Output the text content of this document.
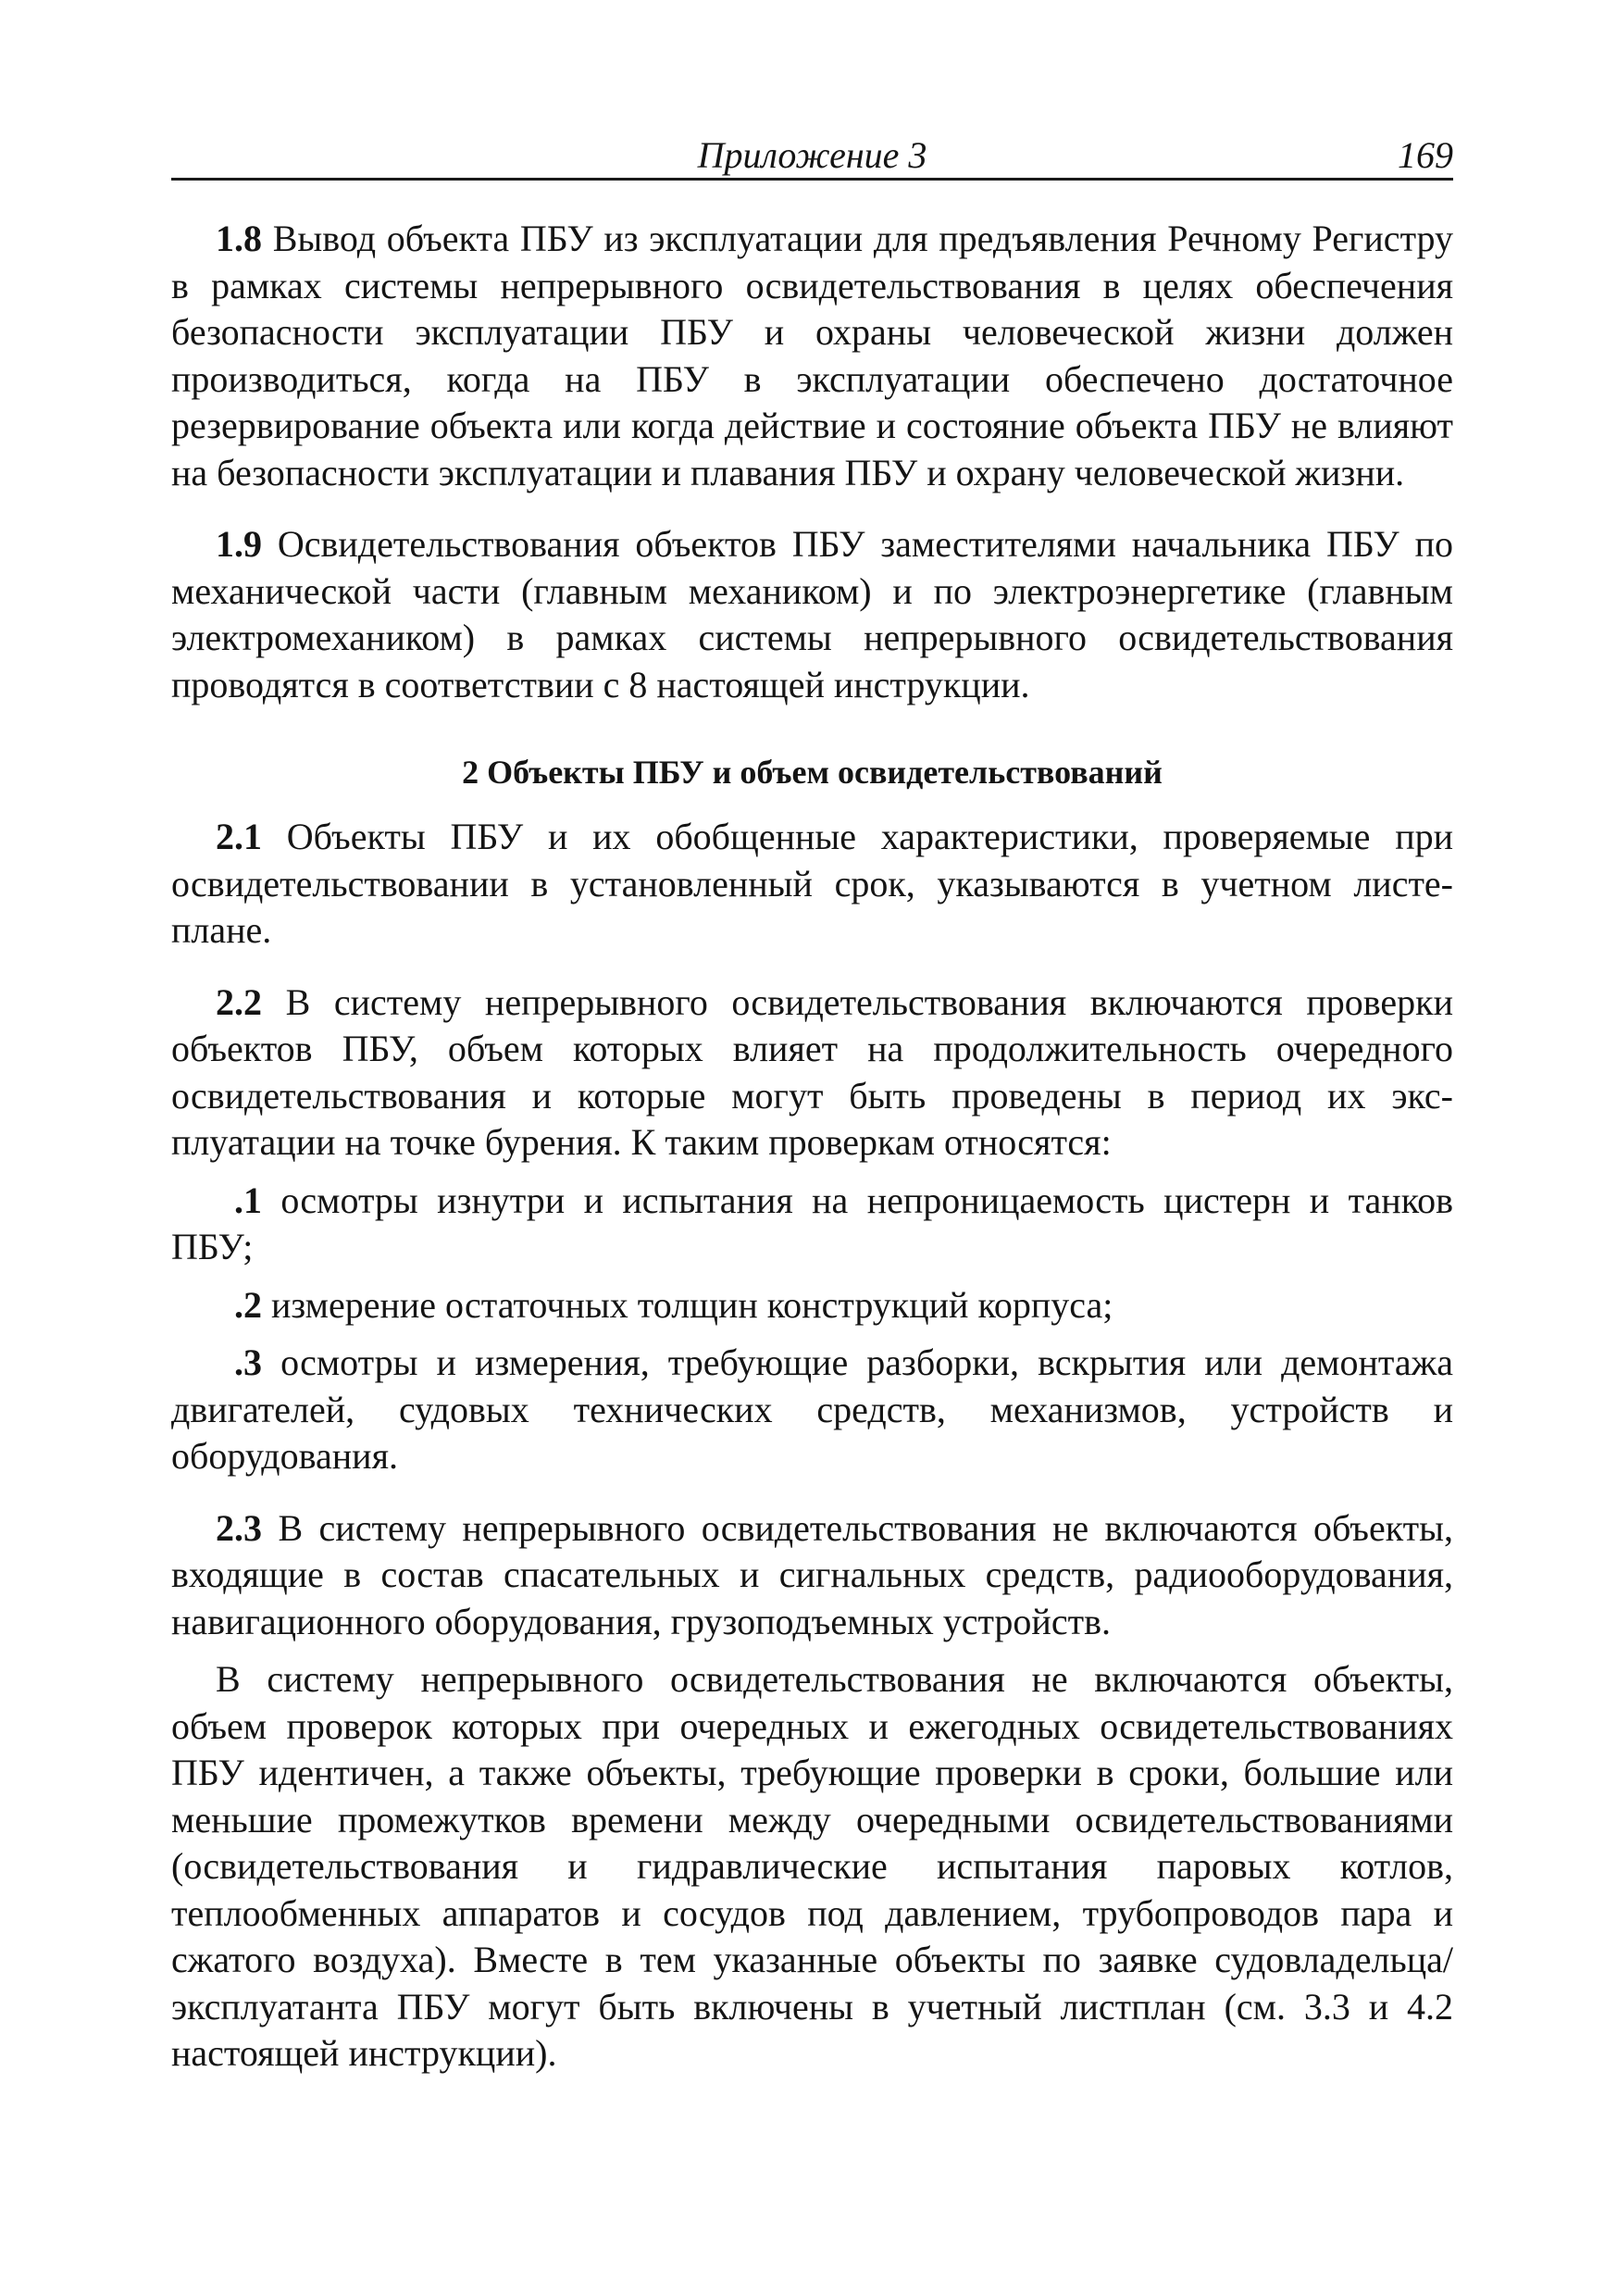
Приложение 3	169

1.8 Вывод объекта ПБУ из эксплуатации для предъявления Речному Регистру в рамках системы непрерывного освидетельствования в целях обеспечения безопасности эксплуатации ПБУ и охраны человеческой жизни должен производиться, когда на ПБУ в эксплуатации обеспечено достаточное резервирование объекта или когда действие и состояние объекта ПБУ не влияют на безопасности эксплуатации и плавания ПБУ и охрану человеческой жизни.

1.9 Освидетельствования объектов ПБУ заместителями начальника ПБУ по механической части (главным механиком) и по электроэнергетике (главным электромехаником) в рамках системы непрерывного освидетельствования проводятся в соответствии с 8 настоящей инструкции.

2 Объекты ПБУ и объем освидетельствований

2.1 Объекты ПБУ и их обобщенные характеристики, проверяемые при освидетельствовании в установленный срок, указываются в учетном листе-плане.

2.2 В систему непрерывного освидетельствования включаются проверки объектов ПБУ, объем которых влияет на продолжительность очередного освидетельствования и которые могут быть проведены в период их эксплуатации на точке бурения. К таким проверкам относятся:

.1 осмотры изнутри и испытания на непроницаемость цистерн и танков ПБУ;

.2 измерение остаточных толщин конструкций корпуса;

.3 осмотры и измерения, требующие разборки, вскрытия или демонтажа двигателей, судовых технических средств, механизмов, устройств и оборудования.

2.3 В систему непрерывного освидетельствования не включаются объекты, входящие в состав спасательных и сигнальных средств, радиооборудования, навигационного оборудования, грузоподъемных устройств.

В систему непрерывного освидетельствования не включаются объекты, объем проверок которых при очередных и ежегодных освидетельствованиях ПБУ идентичен, а также объекты, требующие проверки в сроки, большие или меньшие промежутков времени между очередными освидетельствованиями (освидетельствования и гидравлические испытания паровых котлов, теплообменных аппаратов и сосудов под давлением, трубопроводов пара и сжатого воздуха). Вместе в тем указанные объекты по заявке судовладельца/эксплуатанта ПБУ могут быть включены в учетный листплан (см. 3.3 и 4.2 настоящей инструкции).
